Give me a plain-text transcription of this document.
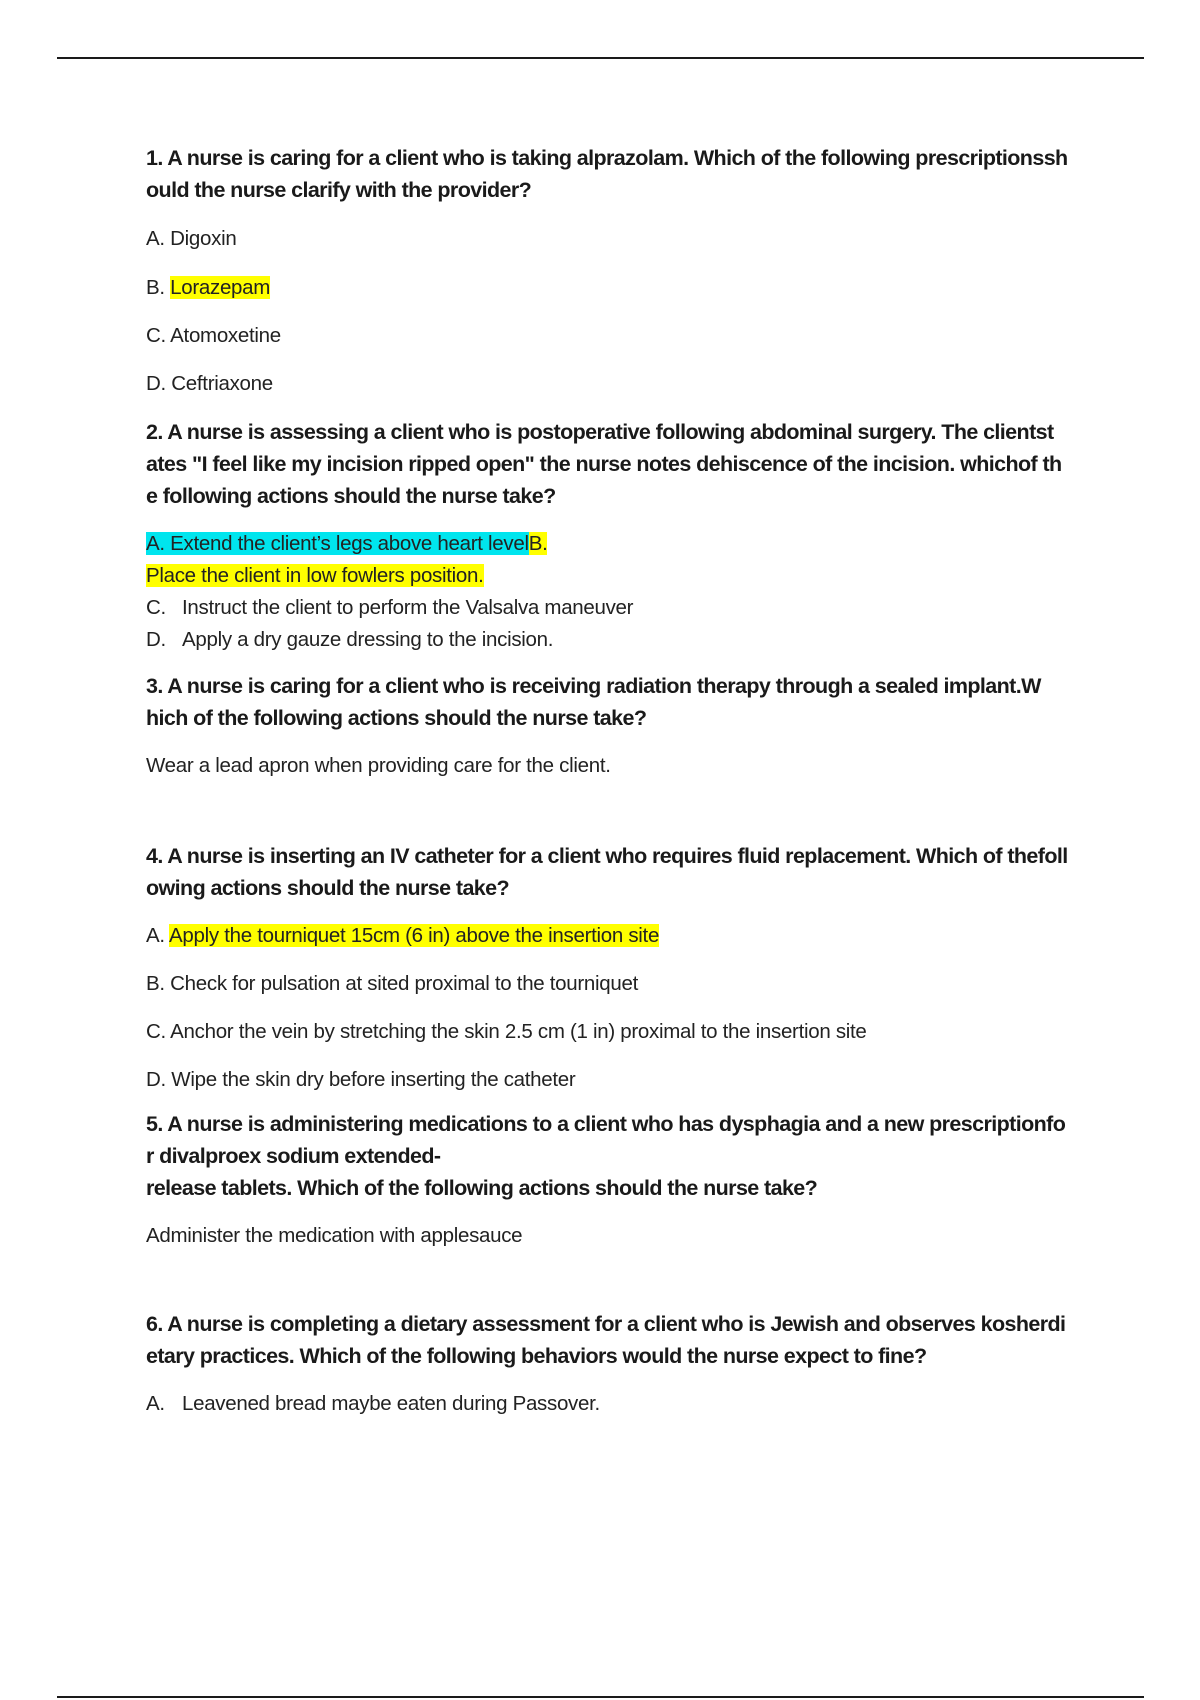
1. A nurse is caring for a client who is taking alprazolam. Which of the following prescriptionssh
ould the nurse clarify with the provider?

A. Digoxin

B. Lorazepam

C. Atomoxetine

D. Ceftriaxone

2. A nurse is assessing a client who is postoperative following abdominal surgery. The clientst
ates "I feel like my incision ripped open" the nurse notes dehiscence of the incision. whichof th
e following actions should the nurse take?

A. Extend the client’s legs above heart levelB.

Place the client in low fowlers position.

C. Instruct the client to perform the Valsalva maneuver

D. Apply a dry gauze dressing to the incision.

3. A nurse is caring for a client who is receiving radiation therapy through a sealed implant.W
hich of the following actions should the nurse take?

Wear a lead apron when providing care for the client.

4. A nurse is inserting an IV catheter for a client who requires fluid replacement. Which of thefoll
owing actions should the nurse take?

A. Apply the tourniquet 15cm (6 in) above the insertion site

B. Check for pulsation at sited proximal to the tourniquet

C. Anchor the vein by stretching the skin 2.5 cm (1 in) proximal to the insertion site

D. Wipe the skin dry before inserting the catheter

5. A nurse is administering medications to a client who has dysphagia and a new prescriptionfo
r divalproex sodium extended-
release tablets. Which of the following actions should the nurse take?

Administer the medication with applesauce

6. A nurse is completing a dietary assessment for a client who is Jewish and observes kosherdi
etary practices. Which of the following behaviors would the nurse expect to fine?

A. Leavened bread maybe eaten during Passover.
